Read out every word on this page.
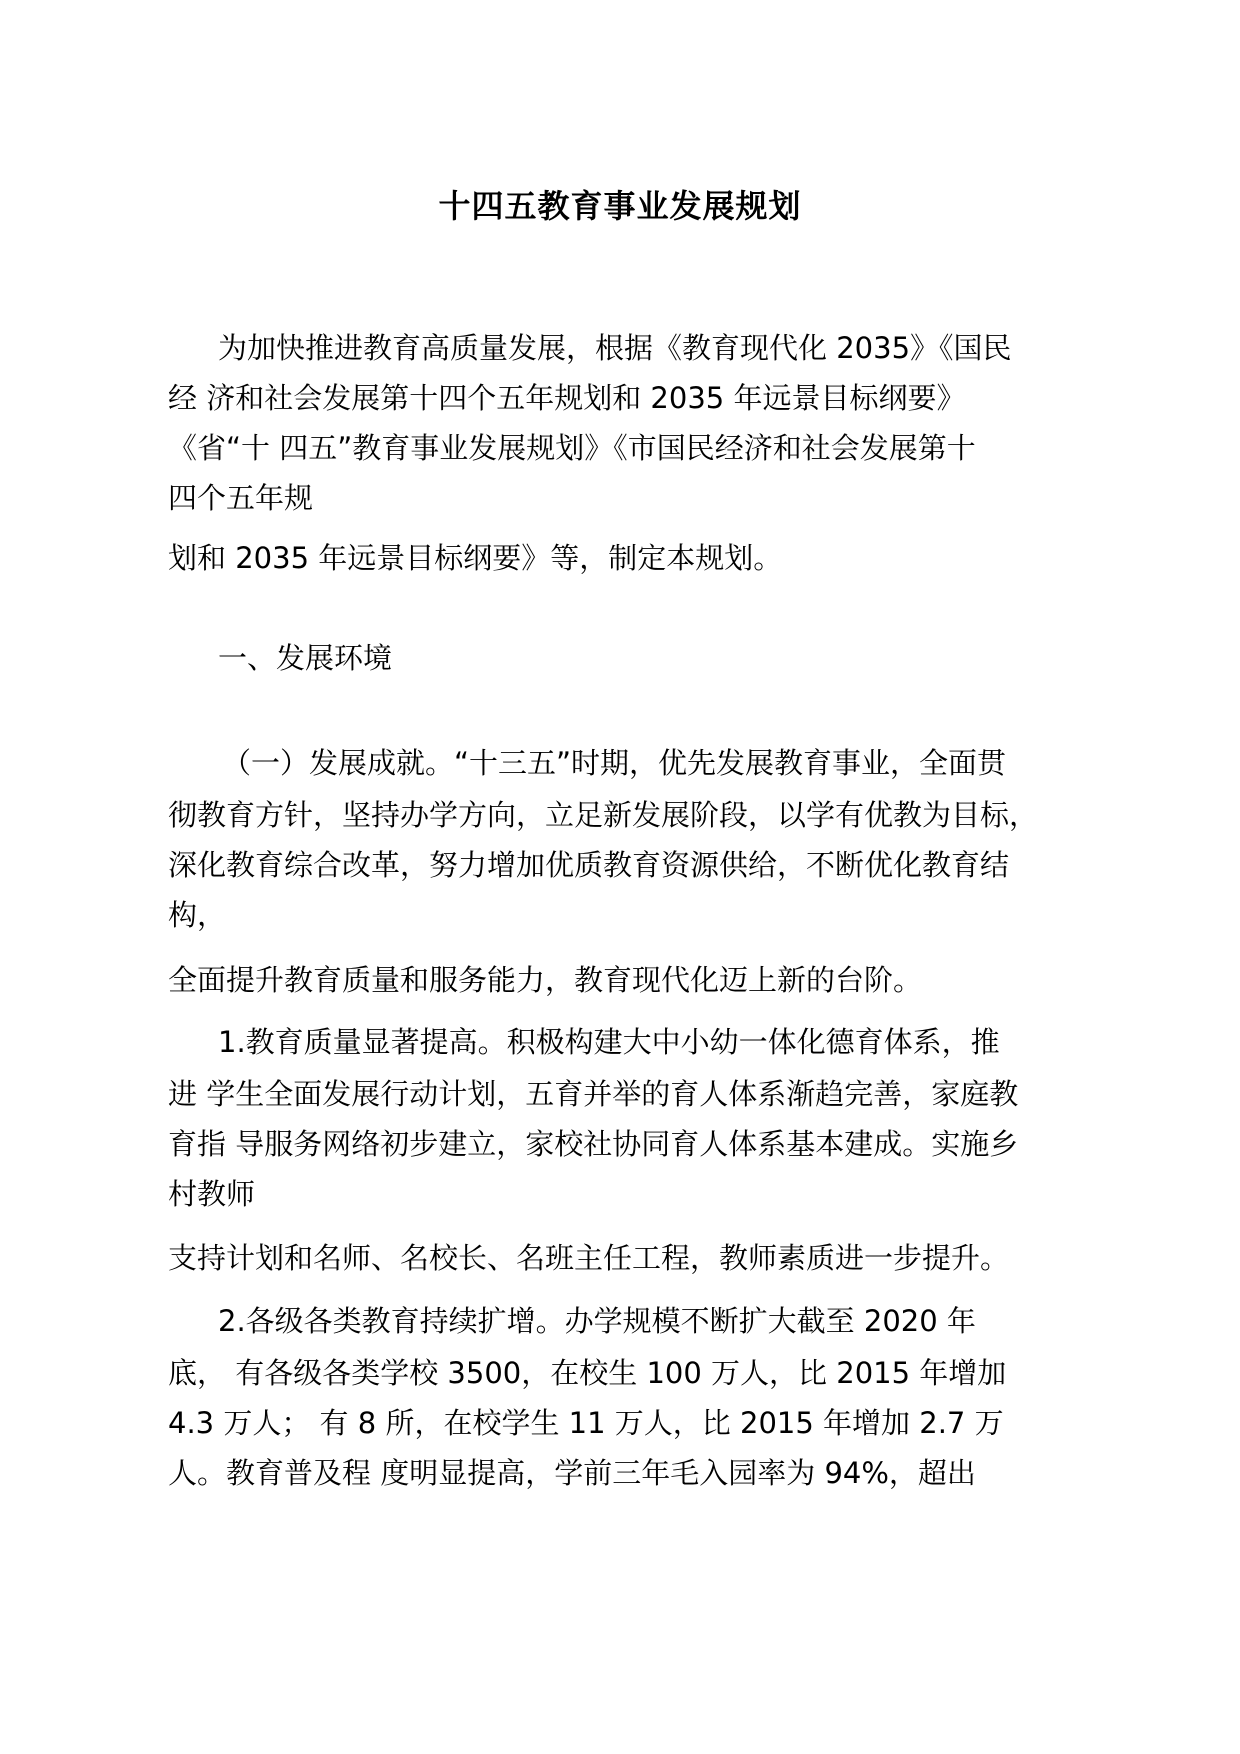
十四五教育事业发展规划

为加快推进教育高质量发展，根据《教育现代化 2035》《国民

经 济和社会发展第十四个五年规划和 2035 年远景目标纲要》

《省“十 四五”教育事业发展规划》《市国民经济和社会发展第十

四个五年规

划和 2035 年远景目标纲要》等，制定本规划。

一、发展环境

（一）发展成就。“十三五”时期，优先发展教育事业，全面贯

彻教育方针，坚持办学方向，立足新发展阶段，以学有优教为目标，

深化教育综合改革，努力增加优质教育资源供给，不断优化教育结

构，

全面提升教育质量和服务能力，教育现代化迈上新的台阶。

1.教育质量显著提高。积极构建大中小幼一体化德育体系，推

进 学生全面发展行动计划，五育并举的育人体系渐趋完善，家庭教

育指 导服务网络初步建立，家校社协同育人体系基本建成。实施乡

村教师

支持计划和名师、名校长、名班主任工程，教师素质进一步提升。

2.各级各类教育持续扩增。办学规模不断扩大截至 2020 年

底， 有各级各类学校 3500，在校生 100 万人，比 2015 年增加

4.3 万人； 有 8 所，在校学生 11 万人，比 2015 年增加 2.7 万

人。教育普及程 度明显提高，学前三年毛入园率为 94%，超出
